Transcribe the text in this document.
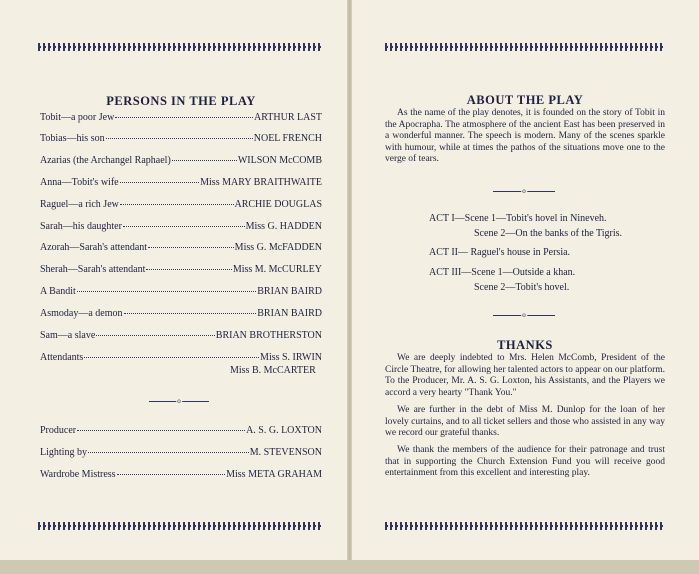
PERSONS IN THE PLAY
Tobit—a poor Jew	ARTHUR LAST
Tobias—his son	NOEL FRENCH
Azarias (the Archangel Raphael)	WILSON McCOMB
Anna—Tobit's wife	Miss MARY BRAITHWAITE
Raguel—a rich Jew	ARCHIE DOUGLAS
Sarah—his daughter	Miss G. HADDEN
Azorah—Sarah's attendant	Miss G. McFADDEN
Sherah—Sarah's attendant	Miss M. McCURLEY
A Bandit	BRIAN BAIRD
Asmoday—a demon	BRIAN BAIRD
Sam—a slave	BRIAN BROTHERSTON
Attendants	Miss S. IRWIN
Miss B. McCARTER
o
Producer	A. S. G. LOXTON
Lighting by	M. STEVENSON
Wardrobe Mistress	Miss META GRAHAM
ABOUT THE PLAY

As the name of the play denotes, it is founded on the story of Tobit in the Apocrapha. The atmosphere of the ancient East has been preserved in a wonderful manner. The speech is modern. Many of the scenes sparkle with humour, while at times the pathos of the situations move one to the verge of tears.

o
ACT I—Scene 1—Tobit's hovel in Nineveh.
Scene 2—On the banks of the Tigris.
ACT II— Raguel's house in Persia.
ACT III—Scene 1—Outside a khan.
Scene 2—Tobit's hovel.
o
THANKS

We are deeply indebted to Mrs. Helen McComb, President of the Circle Theatre, for allowing her talented actors to appear on our platform. To the Producer, Mr. A. S. G. Loxton, his Assistants, and the Players we accord a very hearty "Thank You."

We are further in the debt of Miss M. Dunlop for the loan of her lovely curtains, and to all ticket sellers and those who assisted in any way we record our grateful thanks.

We thank the members of the audience for their patronage and trust that in supporting the Church Extension Fund you will receive good entertainment from this excellent and interesting play.
